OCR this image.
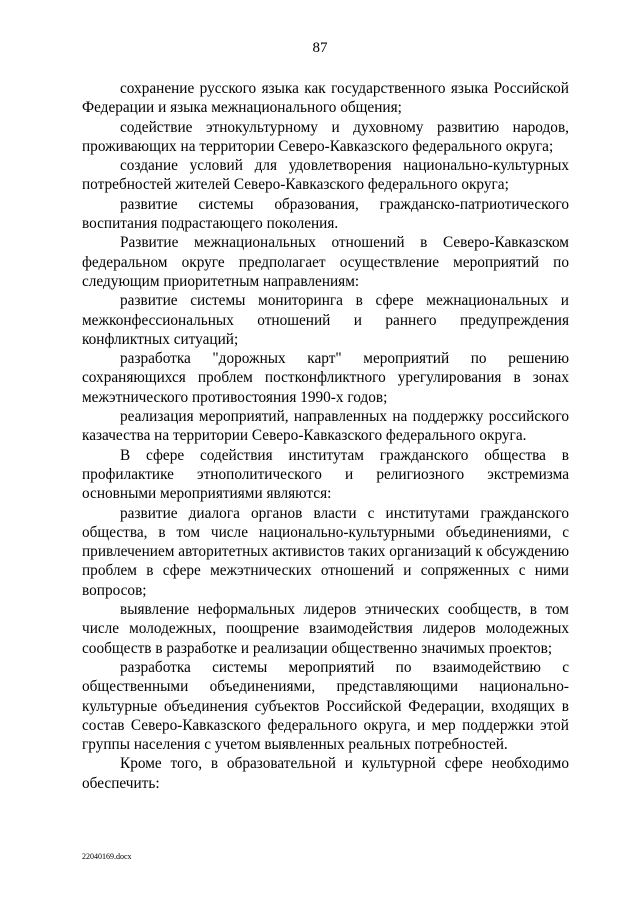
87

сохранение русского языка как государственного языка Российской Федерации и языка межнационального общения;

содействие этнокультурному и духовному развитию народов, проживающих на территории Северо-Кавказского федерального округа;

создание условий для удовлетворения национально-культурных потребностей жителей Северо-Кавказского федерального округа;

развитие системы образования, гражданско-патриотического воспитания подрастающего поколения.

Развитие межнациональных отношений в Северо-Кавказском федеральном округе предполагает осуществление мероприятий по следующим приоритетным направлениям:

развитие системы мониторинга в сфере межнациональных и межконфессиональных отношений и раннего предупреждения конфликтных ситуаций;

разработка "дорожных карт" мероприятий по решению сохраняющихся проблем постконфликтного урегулирования в зонах межэтнического противостояния 1990-х годов;

реализация мероприятий, направленных на поддержку российского казачества на территории Северо-Кавказского федерального округа.

В сфере содействия институтам гражданского общества в профилактике этнополитического и религиозного экстремизма основными мероприятиями являются:

развитие диалога органов власти с институтами гражданского общества, в том числе национально-культурными объединениями, с привлечением авторитетных активистов таких организаций к обсуждению проблем в сфере межэтнических отношений и сопряженных с ними вопросов;

выявление неформальных лидеров этнических сообществ, в том числе молодежных, поощрение взаимодействия лидеров молодежных сообществ в разработке и реализации общественно значимых проектов;

разработка системы мероприятий по взаимодействию с общественными объединениями, представляющими национально-культурные объединения субъектов Российской Федерации, входящих в состав Северо-Кавказского федерального округа, и мер поддержки этой группы населения с учетом выявленных реальных потребностей.

Кроме того, в образовательной и культурной сфере необходимо обеспечить:

22040169.docx
